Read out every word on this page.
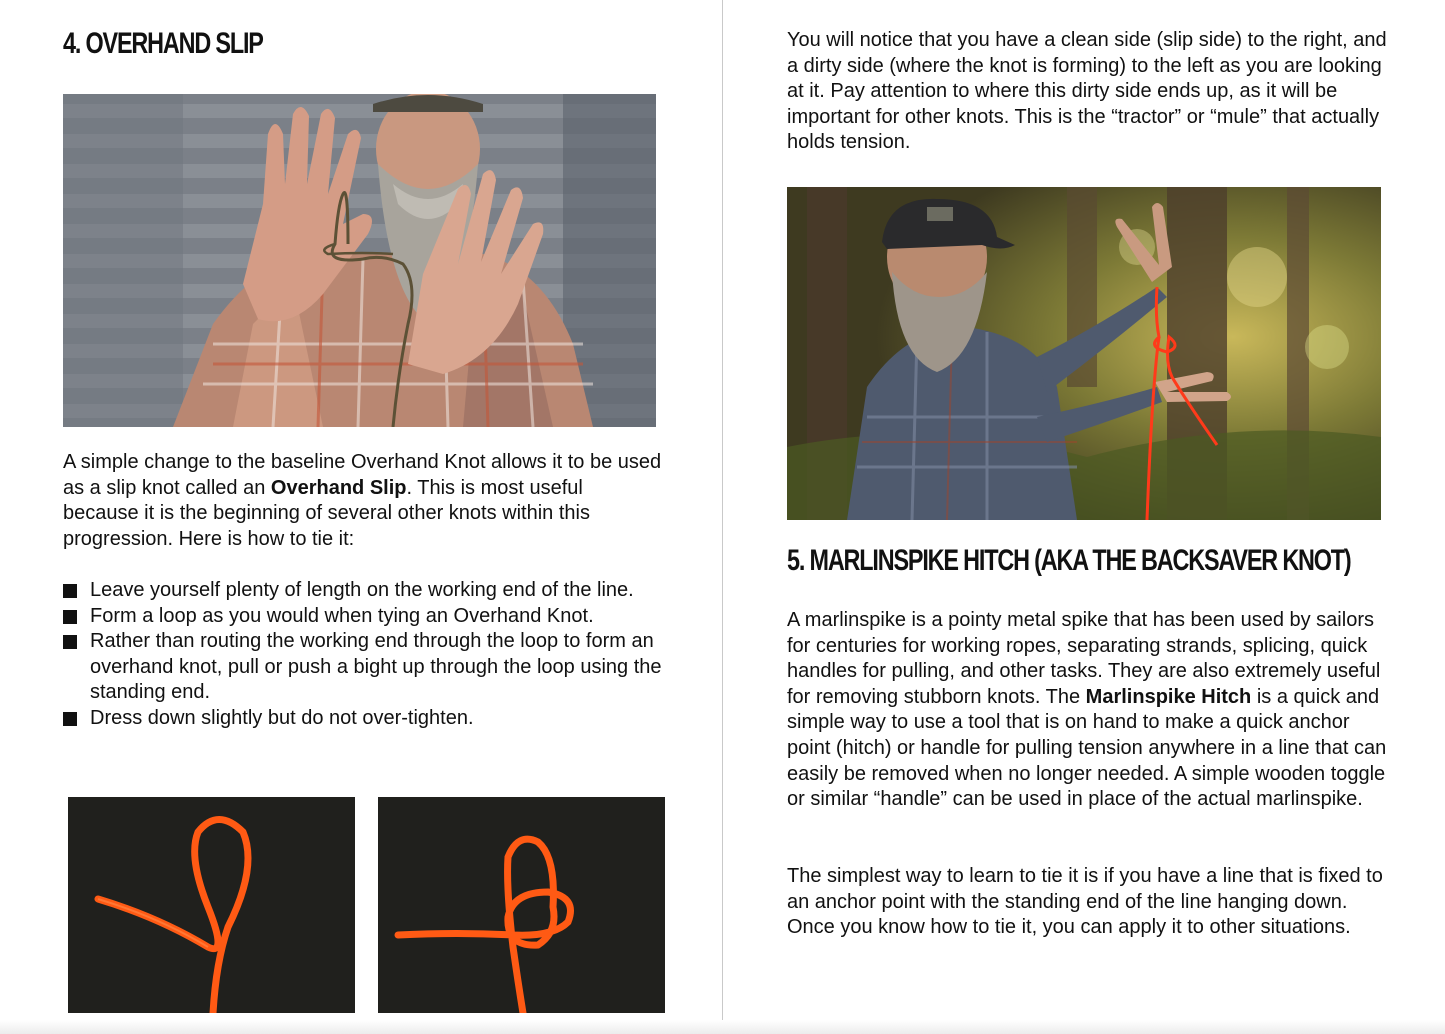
4. OVERHAND SLIP

A simple change to the baseline Overhand Knot allows it to be used as a slip knot called an Overhand Slip. This is most useful because it is the beginning of several other knots within this progression. Here is how to tie it:

Leave yourself plenty of length on the working end of the line.
Form a loop as you would when tying an Overhand Knot.
Rather than routing the working end through the loop to form an overhand knot, pull or push a bight up through the loop using the standing end.
Dress down slightly but do not over-tighten.

You will notice that you have a clean side (slip side) to the right, and a dirty side (where the knot is forming) to the left as you are looking at it. Pay attention to where this dirty side ends up, as it will be important for other knots. This is the “tractor” or “mule” that actually holds tension.

5. MARLINSPIKE HITCH (AKA THE BACKSAVER KNOT)

A marlinspike is a pointy metal spike that has been used by sailors for centuries for working ropes, separating strands, splicing, quick handles for pulling, and other tasks. They are also extremely useful for removing stubborn knots. The Marlinspike Hitch is a quick and simple way to use a tool that is on hand to make a quick anchor point (hitch) or handle for pulling tension anywhere in a line that can easily be removed when no longer needed. A simple wooden toggle or similar “handle” can be used in place of the actual marlinspike.

The simplest way to learn to tie it is if you have a line that is fixed to an anchor point with the standing end of the line hanging down. Once you know how to tie it, you can apply it to other situations.
